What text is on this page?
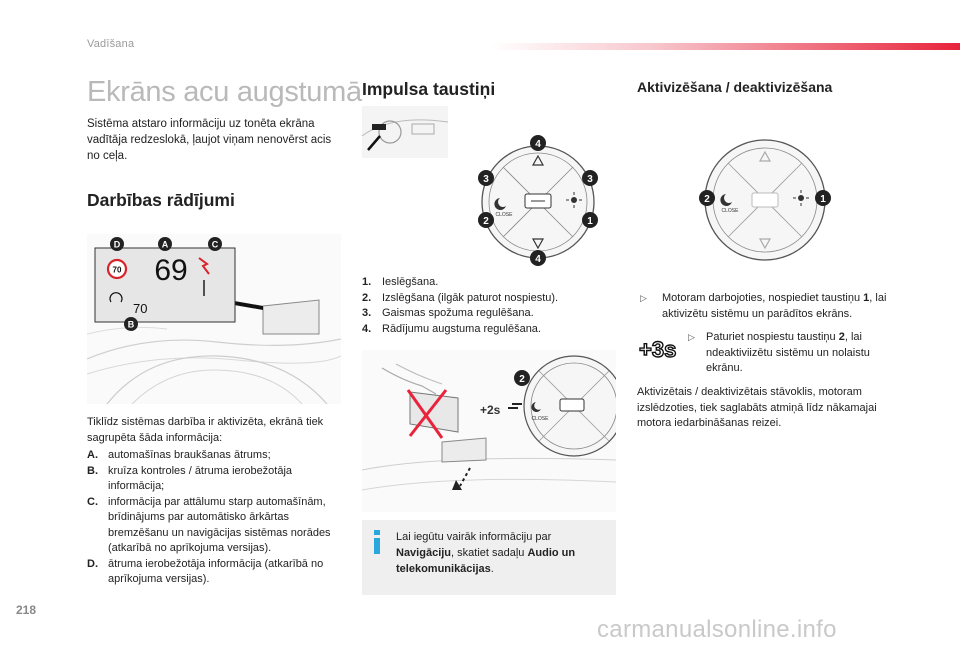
Vadīšana
Ekrāns acu augstumā
Sistēma atstaro informāciju uz tonēta ekrāna vadītāja redzeslokā, ļaujot viņam nenovērst acis no ceļa.
Darbības rādījumi
70 69
70
D	A	C
B
Tiklīdz sistēmas darbība ir aktivizēta, ekrānā tiek sagrupēta šāda informācija:
A. automašīnas braukšanas ātrums;
B. kruīza kontroles / ātruma ierobežotāja informācija;
C. informācija par attālumu starp automašīnām, brīdinājums par automātisko ārkārtas bremzēšanu un navigācijas sistēmas norādes (atkarībā no aprīkojuma versijas).
D. ātruma ierobežotāja informācija (atkarībā no aprīkojuma versijas).
Impulsa taustiņi
CLOSE
4
3	3
2	1
4
1. Ieslēgšana.
2. Izslēgšana (ilgāk paturot nospiestu).
3. Gaismas spožuma regulēšana.
4. Rādījumu augstuma regulēšana.
+2s
CLOSE
2
Lai iegūtu vairāk informāciju par Navigāciju, skatiet sadaļu Audio un telekomunikācijas.
Aktivizēšana / deaktivizēšana
CLOSE
2	1
▷	Motoram darbojoties, nospiediet taustiņu 1, lai aktivizētu sistēmu un parādītos ekrāns.
+3s ▷	Paturiet nospiestu taustiņu 2, lai ndeaktiviizētu sistēmu un nolaistu ekrānu.
Aktivizētais / deaktivizētais stāvoklis, motoram izslēdzoties, tiek saglabāts atmiņā līdz nākamajai motora iedarbināšanas reizei.
218
carmanualsonline.info
